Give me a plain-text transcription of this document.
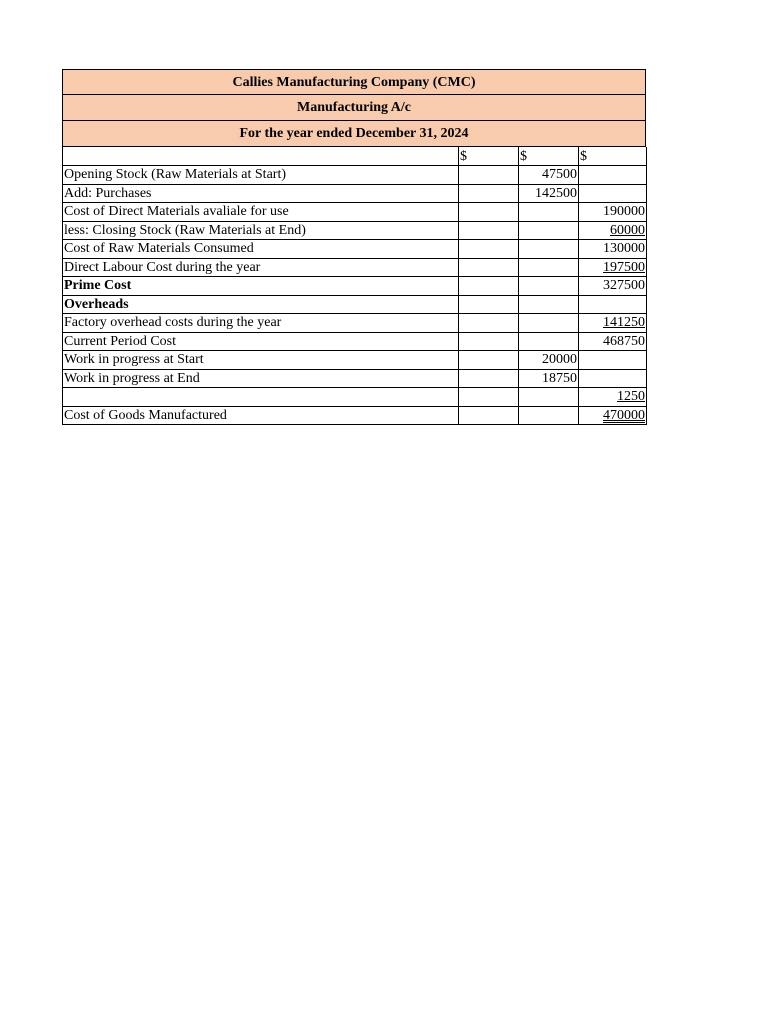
Callies Manufacturing Company (CMC)
Manufacturing A/c
For the year ended December 31, 2024
	$	$	$
Opening Stock (Raw Materials at Start)		47500	
Add: Purchases		142500	
Cost of Direct Materials avaliale for use			190000
less: Closing Stock (Raw Materials at End)			60000
Cost of Raw Materials Consumed			130000
Direct Labour Cost during the year			197500
Prime Cost			327500
Overheads			
Factory overhead costs during the year			141250
Current Period Cost			468750
Work in progress at Start		20000	
Work in progress at End		18750	
			1250
Cost of Goods Manufactured			470000
